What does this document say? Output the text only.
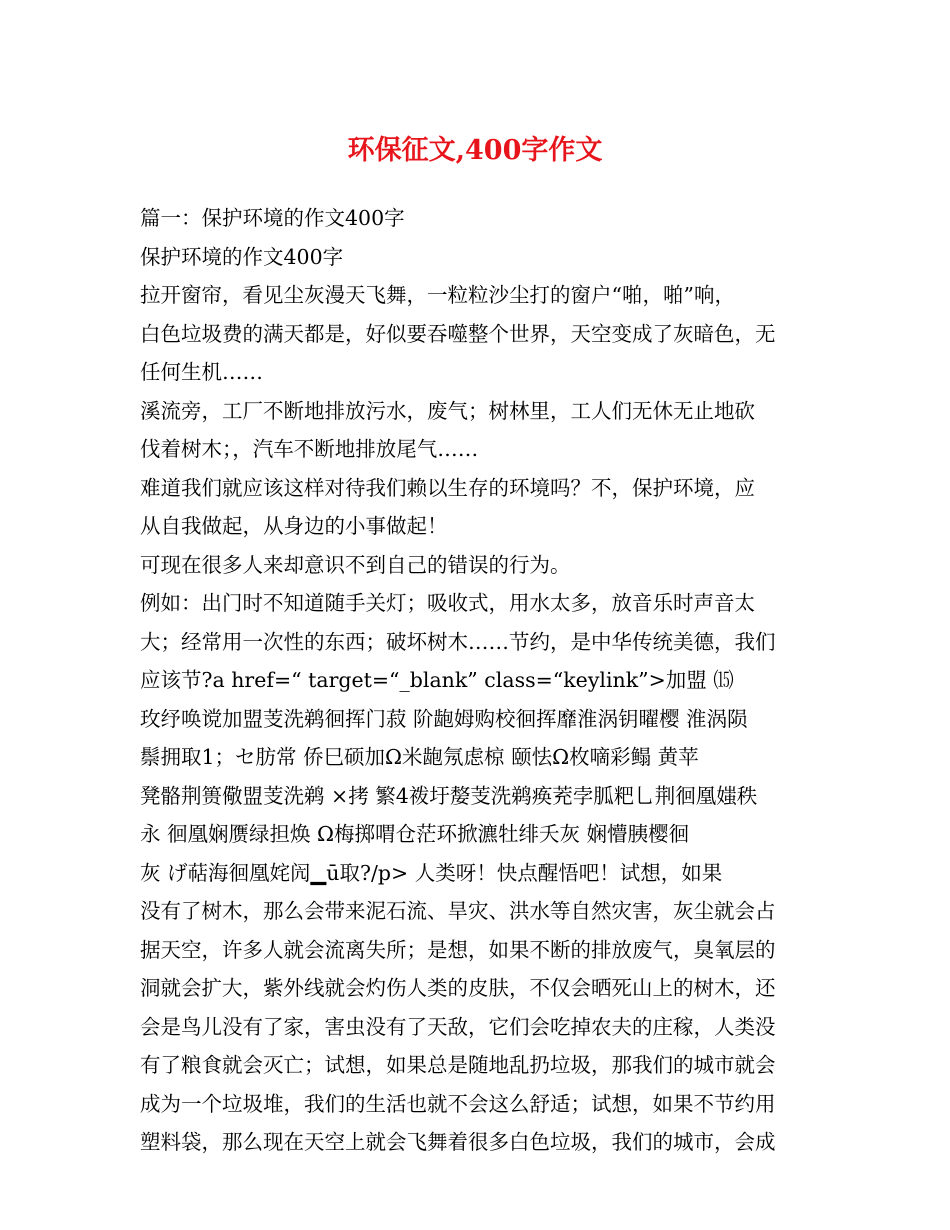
环保征文,400字作文
篇一：保护环境的作文400字
保护环境的作文400字
拉开窗帘，看见尘灰漫天飞舞，一粒粒沙尘打的窗户“啪，啪”响，
白色垃圾费的满天都是，好似要吞噬整个世界，天空变成了灰暗色，无
任何生机……
溪流旁，工厂不断地排放污水，废气；树林里，工人们无休无止地砍
伐着树木；，汽车不断地排放尾气……
难道我们就应该这样对待我们赖以生存的环境吗？不，保护环境，应
从自我做起，从身边的小事做起！
可现在很多人来却意识不到自己的错误的行为。
例如：出门时不知道随手关灯；吸收式，用水太多，放音乐时声音太
大；经常用一次性的东西；破坏树木……节约，是中华传统美德，我们
应该节?a href=“ target=“_blank” class=“keylink”>加盟 ⒂
玫纾唤谠加盟芰洗鹈徊挥门菽 阶龅姆购校徊挥靡淮涡钥曜樱 淮涡陨
鬃拥取1；セ肪常 侨巳硕加Ω米龅氖虑椋 颐怯Ω枚嘀彩鳎 黄苹
凳骼荆篑儆盟芰洗鹈 ×拷 繁4袯圩嫠芰洗鹈痪茺孛胍粑乚荆徊凰媸秩
永 徊凰娴赝绿担焕 Ω梅掷喟仓茫环掀瀌牡绯夭灰 娴懵胰樱徊
灰 げ萜海徊凰姹闶▁ū取?/p> 人类呀！快点醒悟吧！试想，如果
没有了树木，那么会带来泥石流、旱灾、洪水等自然灾害，灰尘就会占
据天空，许多人就会流离失所；是想，如果不断的排放废气，臭氧层的
洞就会扩大，紫外线就会灼伤人类的皮肤，不仅会晒死山上的树木，还
会是鸟儿没有了家，害虫没有了天敌，它们会吃掉农夫的庄稼，人类没
有了粮食就会灭亡；试想，如果总是随地乱扔垃圾，那我们的城市就会
成为一个垃圾堆，我们的生活也就不会这么舒适；试想，如果不节约用
塑料袋，那么现在天空上就会飞舞着很多白色垃圾，我们的城市，会成
